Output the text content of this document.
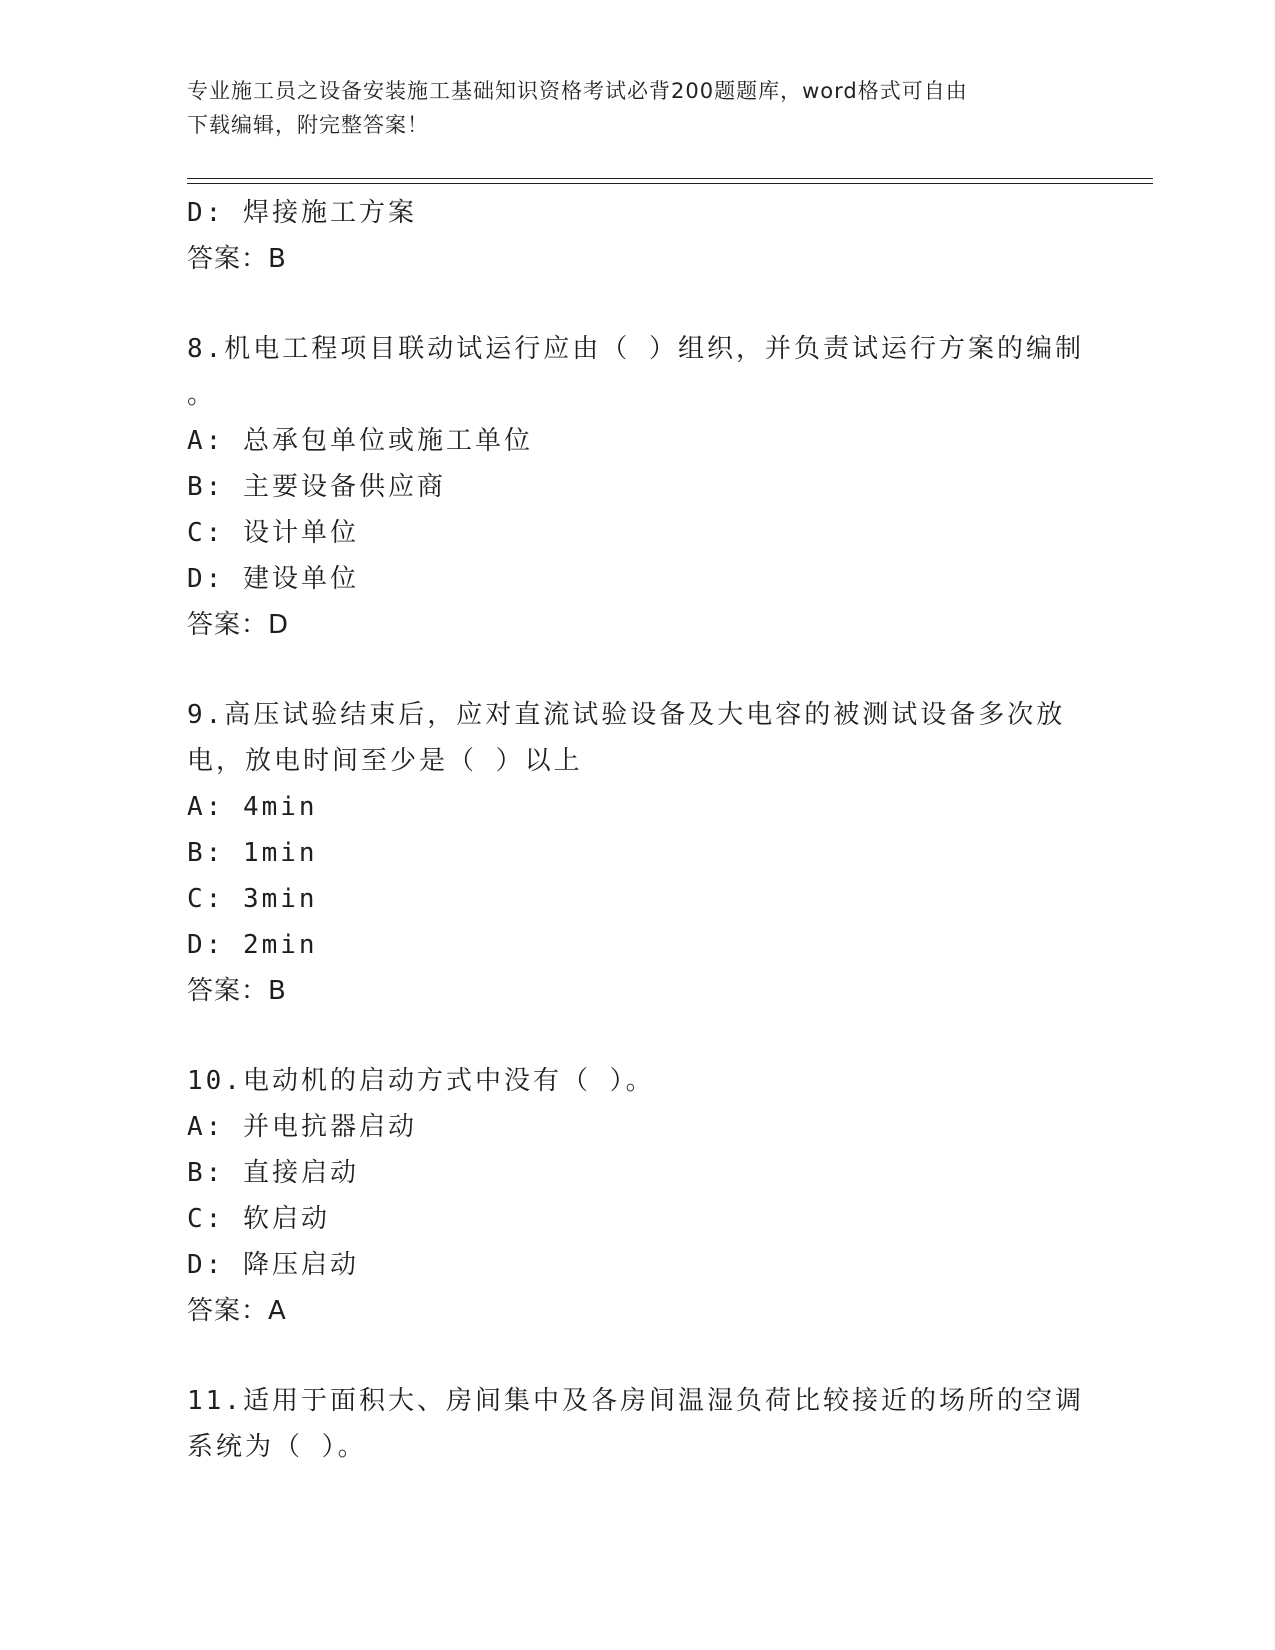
专业施工员之设备安装施工基础知识资格考试必背200题题库，word格式可自由
下载编辑，附完整答案！
D: 焊接施工方案
答案：B
8.机电工程项目联动试运行应由（ ）组织，并负责试运行方案的编制
。
A: 总承包单位或施工单位
B: 主要设备供应商
C: 设计单位
D: 建设单位
答案：D
9.高压试验结束后，应对直流试验设备及大电容的被测试设备多次放
电，放电时间至少是（ ）以上
A: 4min
B: 1min
C: 3min
D: 2min
答案：B
10.电动机的启动方式中没有（ ）。
A: 并电抗器启动
B: 直接启动
C: 软启动
D: 降压启动
答案：A
11.适用于面积大、房间集中及各房间温湿负荷比较接近的场所的空调
系统为（ ）。
